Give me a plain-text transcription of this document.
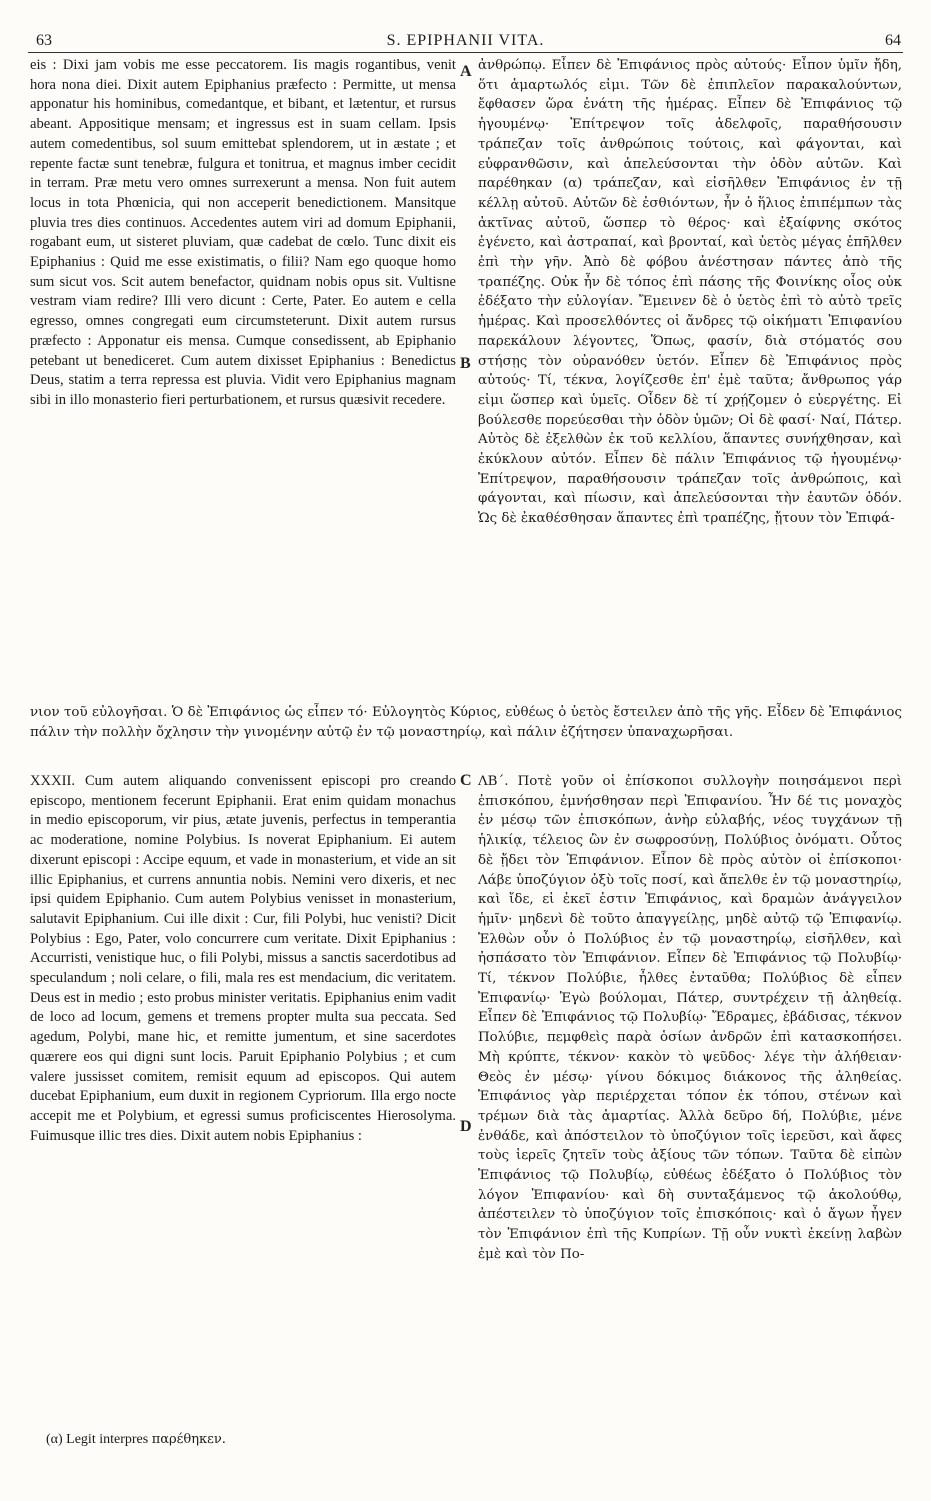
63	S. EPIPHANII VITA.	64

eis : Dixi jam vobis me esse peccatorem. Iis magis rogantibus, venit hora nona diei. Dixit autem Epiphanius præfecto : Permitte, ut mensa apponatur his hominibus, comedantque, et bibant, et lætentur, et rursus abeant. Appositique mensam; et ingressus est in suam cellam. Ipsis autem comedentibus, sol suum emittebat splendorem, ut in æstate ; et repente factæ sunt tenebræ, fulgura et tonitrua, et magnus imber cecidit in terram. Præ metu vero omnes surrexerunt a mensa. Non fuit autem locus in tota Phœnicia, qui non acceperit benedictionem. Mansitque pluvia tres dies continuos. Accedentes autem viri ad domum Epiphanii, rogabant eum, ut sisteret pluviam, quæ cadebat de cœlo. Tunc dixit eis Epiphanius : Quid me esse existimatis, o filii? Nam ego quoque homo sum sicut vos. Scit autem benefactor, quidnam nobis opus sit. Vultisne vestram viam redire? Illi vero dicunt : Certe, Pater. Eo autem e cella egresso, omnes congregati eum circumsteterunt. Dixit autem rursus præfecto : Apponatur eis mensa. Cumque consedissent, ab Epiphanio petebant ut benediceret. Cum autem dixisset Epiphanius : Benedictus Deus, statim a terra repressa est pluvia. Vidit vero Epiphanius magnam sibi in illo monasterio fieri perturbationem, et rursus quæsivit recedere.

ἀνθρώπῳ. Εἶπεν δὲ Ἐπιφάνιος πρὸς αὐτούς· Εἶπον ὑμῖν ἤδη, ὅτι ἁμαρτωλός εἰμι. Τῶν δὲ ἐπιπλεῖον παρακαλούντων, ἔφθασεν ὥρα ἐνάτη τῆς ἡμέρας. Εἶπεν δὲ Ἐπιφάνιος τῷ ἡγουμένῳ· Ἐπίτρεψον τοῖς ἀδελφοῖς, παραθήσουσιν τράπεζαν τοῖς ἀνθρώποις τούτοις, καὶ φάγονται, καὶ εὐφρανθῶσιν, καὶ ἀπελεύσονται τὴν ὁδὸν αὐτῶν. Καὶ παρέθηκαν (α) τράπεζαν, καὶ εἰσῆλθεν Ἐπιφάνιος ἐν τῇ κέλλῃ αὐτοῦ. Αὐτῶν δὲ ἐσθιόντων, ἦν ὁ ἥλιος ἐπιπέμπων τὰς ἀκτῖνας αὐτοῦ, ὥσπερ τὸ θέρος· καὶ ἐξαίφνης σκότος ἐγένετο, καὶ ἀστραπαί, καὶ βρονταί, καὶ ὑετὸς μέγας ἐπῆλθεν ἐπὶ τὴν γῆν. Ἀπὸ δὲ φόβου ἀνέστησαν πάντες ἀπὸ τῆς τραπέζης. Οὐκ ἦν δὲ τόπος ἐπὶ πάσης τῆς Φοινίκης οἷος οὐκ ἐδέξατο τὴν εὐλογίαν. Ἔμεινεν δὲ ὁ ὑετὸς ἐπὶ τὸ αὐτὸ τρεῖς ἡμέρας. Καὶ προσελθόντες οἱ ἄνδρες τῷ οἰκήματι Ἐπιφανίου παρεκάλουν λέγοντες, Ὅπως, φασίν, διὰ στόματός σου στήσῃς τὸν οὐρανόθεν ὑετόν. Εἶπεν δὲ Ἐπιφάνιος πρὸς αὐτούς· Τί, τέκνα, λογίζεσθε ἐπ' ἐμὲ ταῦτα; ἄνθρωπος γάρ εἰμι ὥσπερ καὶ ὑμεῖς. Οἶδεν δὲ τί χρῄζομεν ὁ εὐεργέτης. Εἰ βούλεσθε πορεύεσθαι τὴν ὁδὸν ὑμῶν; Οἱ δὲ φασί· Ναί, Πάτερ. Αὐτὸς δὲ ἐξελθὼν ἐκ τοῦ κελλίου, ἅπαντες συνήχθησαν, καὶ ἐκύκλουν αὐτόν. Εἶπεν δὲ πάλιν Ἐπιφάνιος τῷ ἡγουμένῳ· Ἐπίτρεψον, παραθήσουσιν τράπεζαν τοῖς ἀνθρώποις, καὶ φάγονται, καὶ πίωσιν, καὶ ἀπελεύσονται τὴν ἑαυτῶν ὁδόν. Ὡς δὲ ἐκαθέσθησαν ἅπαντες ἐπὶ τραπέζης, ᾔτουν τὸν Ἐπιφά-

A
B

νιον τοῦ εὐλογῆσαι. Ὁ δὲ Ἐπιφάνιος ὡς εἶπεν τό· Εὐλογητὸς Κύριος, εὐθέως ὁ ὑετὸς ἔστειλεν ἀπὸ τῆς γῆς. Εἶδεν δὲ Ἐπιφάνιος πάλιν τὴν πολλὴν ὄχλησιν τὴν γινομένην αὐτῷ ἐν τῷ μοναστηρίῳ, καὶ πάλιν ἐζήτησεν ὑπαναχωρῆσαι.

XXXII. Cum autem aliquando convenissent episcopi pro creando episcopo, mentionem fecerunt Epiphanii. Erat enim quidam monachus in medio episcoporum, vir pius, ætate juvenis, perfectus in temperantia ac moderatione, nomine Polybius. Is noverat Epiphanium. Ei autem dixerunt episcopi : Accipe equum, et vade in monasterium, et vide an sit illic Epiphanius, et currens annuntia nobis. Nemini vero dixeris, et nec ipsi quidem Epiphanio. Cum autem Polybius venisset in monasterium, salutavit Epiphanium. Cui ille dixit : Cur, fili Polybi, huc venisti? Dicit Polybius : Ego, Pater, volo concurrere cum veritate. Dixit Epiphanius : Accurristi, venistique huc, o fili Polybi, missus a sanctis sacerdotibus ad speculandum ; noli celare, o fili, mala res est mendacium, dic veritatem. Deus est in medio ; esto probus minister veritatis. Epiphanius enim vadit de loco ad locum, gemens et tremens propter multa sua peccata. Sed agedum, Polybi, mane hic, et remitte jumentum, et sine sacerdotes quærere eos qui digni sunt locis. Paruit Epiphanio Polybius ; et cum valere jussisset comitem, remisit equum ad episcopos. Qui autem ducebat Epiphanium, eum duxit in regionem Cypriorum. Illa ergo nocte accepit me et Polybium, et egressi sumus proficiscentes Hierosolyma. Fuimusque illic tres dies. Dixit autem nobis Epiphanius :

ΛΒ΄. Ποτὲ γοῦν οἱ ἐπίσκοποι συλλογὴν ποιησάμενοι περὶ ἐπισκόπου, ἐμνήσθησαν περὶ Ἐπιφανίου. Ἦν δέ τις μοναχὸς ἐν μέσῳ τῶν ἐπισκόπων, ἀνὴρ εὐλαβής, νέος τυγχάνων τῇ ἡλικίᾳ, τέλειος ὢν ἐν σωφροσύνῃ, Πολύβιος ὀνόματι. Οὗτος δὲ ᾔδει τὸν Ἐπιφάνιον. Εἶπον δὲ πρὸς αὐτὸν οἱ ἐπίσκοποι· Λάβε ὑποζύγιον ὀξὺ τοῖς ποσί, καὶ ἄπελθε ἐν τῷ μοναστηρίῳ, καὶ ἴδε, εἰ ἐκεῖ ἐστιν Ἐπιφάνιος, καὶ δραμὼν ἀνάγγειλον ἡμῖν· μηδενὶ δὲ τοῦτο ἀπαγγείλῃς, μηδὲ αὐτῷ τῷ Ἐπιφανίῳ. Ἐλθὼν οὖν ὁ Πολύβιος ἐν τῷ μοναστηρίῳ, εἰσῆλθεν, καὶ ἠσπάσατο τὸν Ἐπιφάνιον. Εἶπεν δὲ Ἐπιφάνιος τῷ Πολυβίῳ· Τί, τέκνον Πολύβιε, ἦλθες ἐνταῦθα; Πολύβιος δὲ εἶπεν Ἐπιφανίῳ· Ἐγὼ βούλομαι, Πάτερ, συντρέχειν τῇ ἀληθείᾳ. Εἶπεν δὲ Ἐπιφάνιος τῷ Πολυβίῳ· Ἔδραμες, ἐβάδισας, τέκνον Πολύβιε, πεμφθεὶς παρὰ ὁσίων ἀνδρῶν ἐπὶ κατασκοπήσει. Μὴ κρύπτε, τέκνον· κακὸν τὸ ψεῦδος· λέγε τὴν ἀλήθειαν· Θεὸς ἐν μέσῳ· γίνου δόκιμος διάκονος τῆς ἀληθείας. Ἐπιφάνιος γὰρ περιέρχεται τόπον ἐκ τόπου, στένων καὶ τρέμων διὰ τὰς ἁμαρτίας. Ἀλλὰ δεῦρο δή, Πολύβιε, μένε ἐνθάδε, καὶ ἀπόστειλον τὸ ὑποζύγιον τοῖς ἱερεῦσι, καὶ ἄφες τοὺς ἱερεῖς ζητεῖν τοὺς ἀξίους τῶν τόπων. Ταῦτα δὲ εἰπὼν Ἐπιφάνιος τῷ Πολυβίῳ, εὐθέως ἐδέξατο ὁ Πολύβιος τὸν λόγον Ἐπιφανίου· καὶ δὴ συνταξάμενος τῷ ἀκολούθῳ, ἀπέστειλεν τὸ ὑποζύγιον τοῖς ἐπισκόποις· καὶ ὁ ἄγων ἦγεν τὸν Ἐπιφάνιον ἐπὶ τῆς Κυπρίων. Τῇ οὖν νυκτὶ ἐκείνῃ λαβὼν ἐμὲ καὶ τὸν Πο-

C
D
(α) Legit interpres παρέθηκεν.
